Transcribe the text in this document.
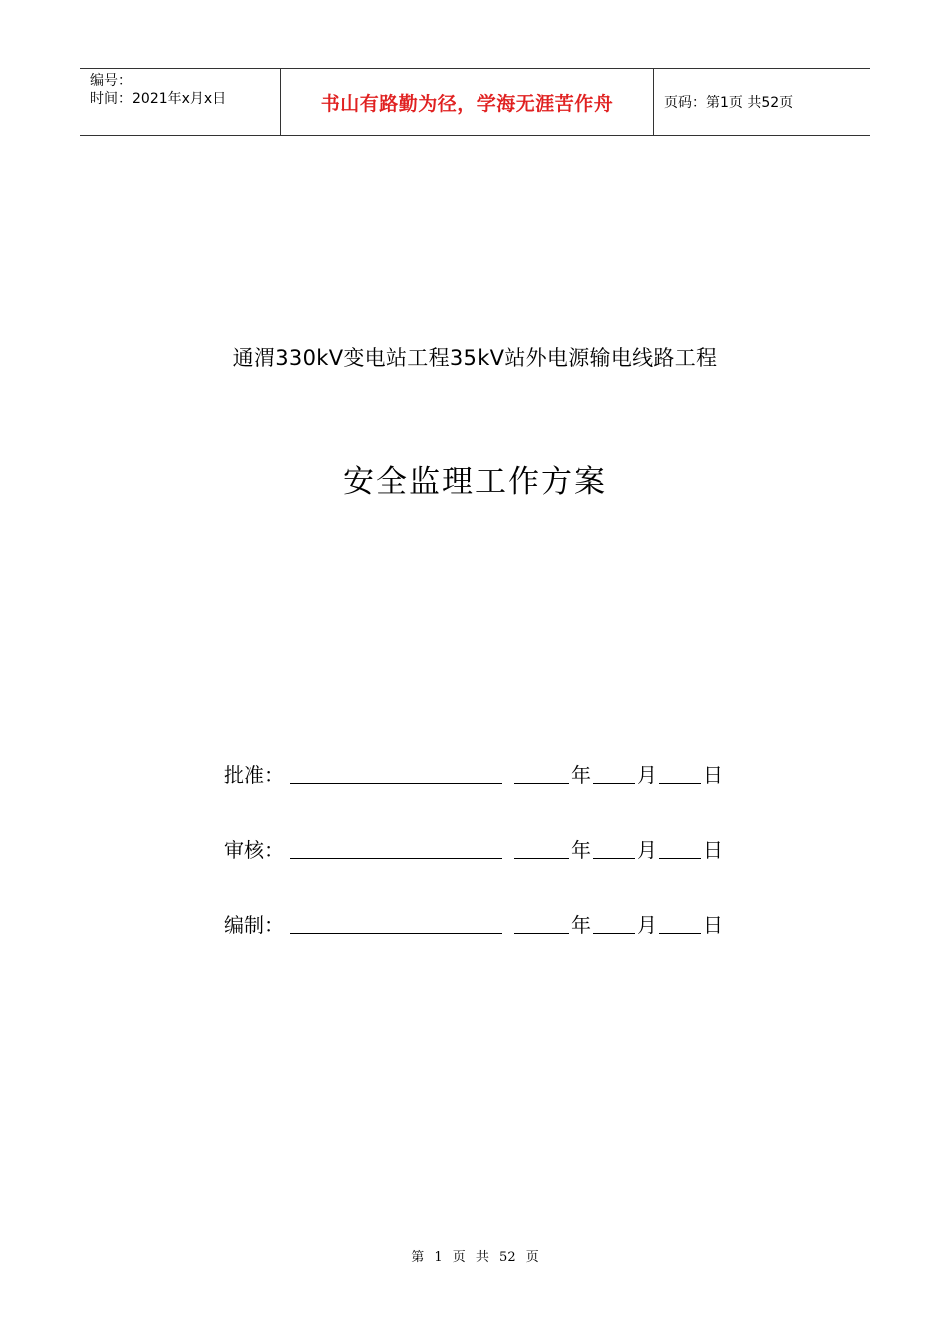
编号：
时间：2021年x月x日	书山有路勤为径，学海无涯苦作舟	页码：第1页 共52页
通渭330kV变电站工程35kV站外电源输电线路工程
安全监理工作方案
批准：	年 月 日
审核：	年 月 日
编制：	年 月 日
第 1 页 共 52 页
